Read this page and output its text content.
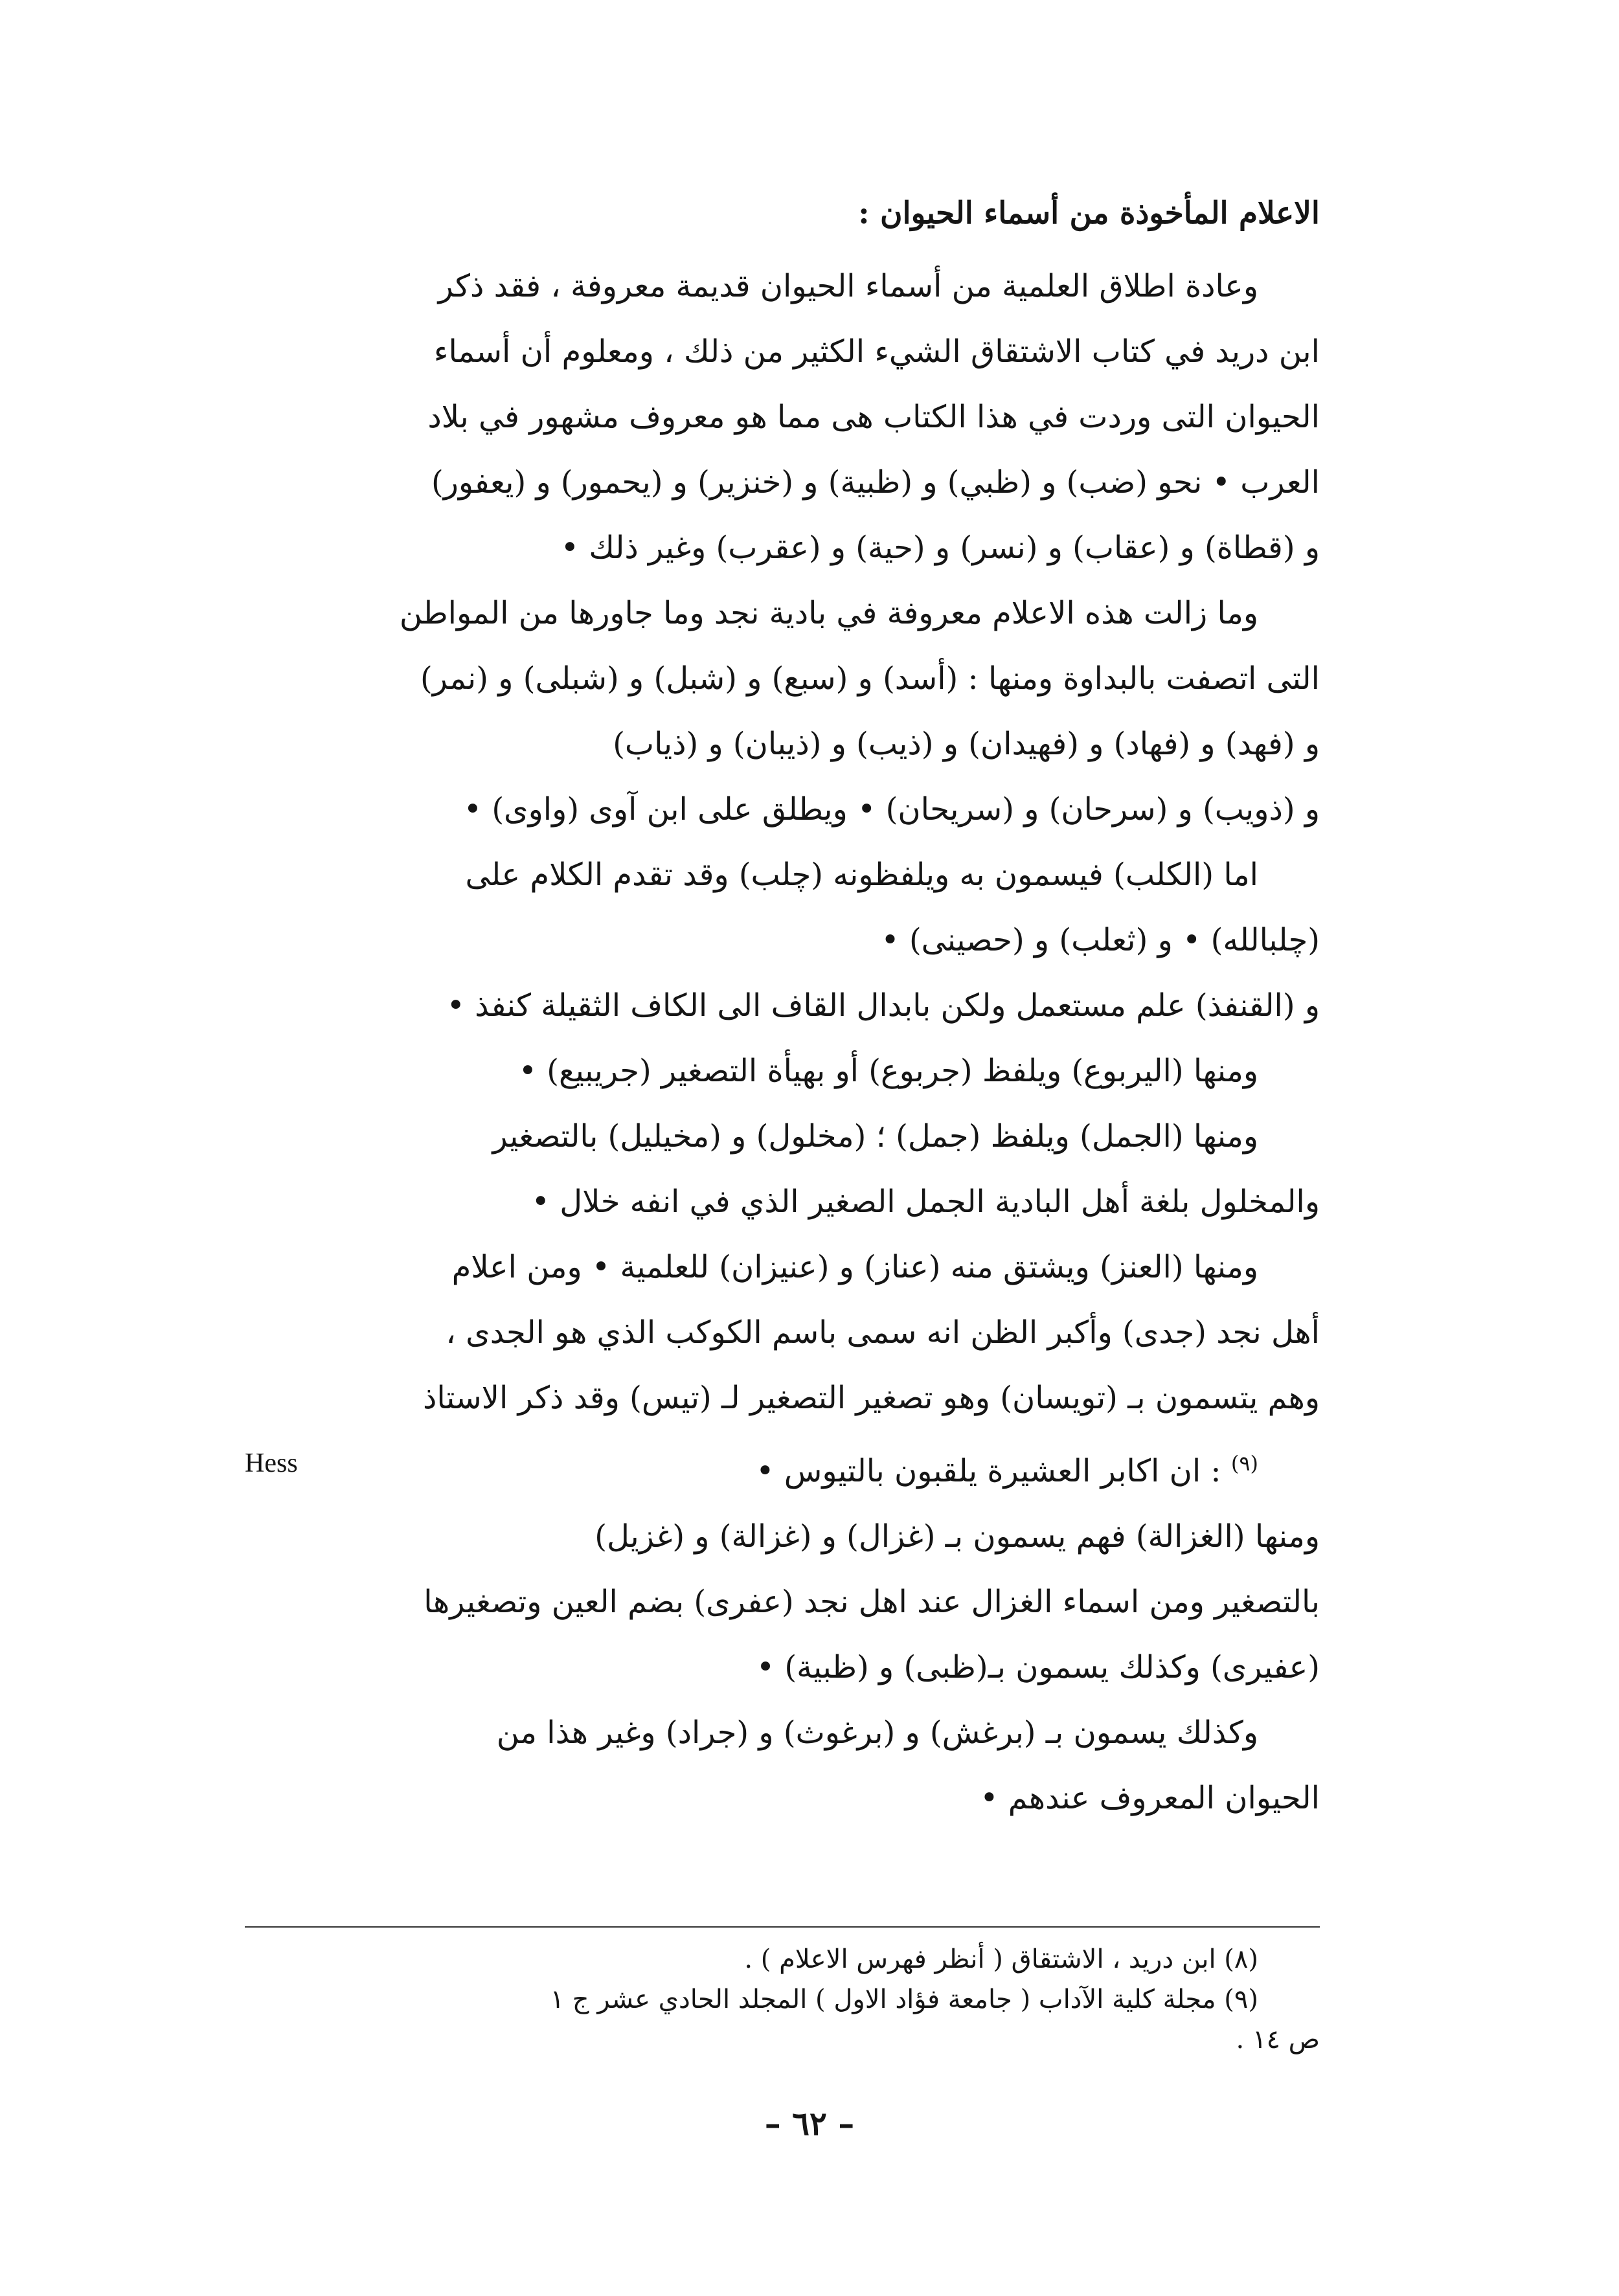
الاعلام المأخوذة من أسماء الحيوان :

وعادة اطلاق العلمية من أسماء الحيوان قديمة معروفة ، فقد ذكر

ابن دريد في كتاب الاشتقاق الشيء الكثير من ذلك ، ومعلوم أن أسماء

الحيوان التى وردت في هذا الكتاب هى مما هو معروف مشهور في بلاد

العرب • نحو (ضب) و (ظبي) و (ظبية) و (خنزير) و (يحمور) و (يعفور)

و (قطاة) و (عقاب) و (نسر) و (حية) و (عقرب) وغير ذلك •

وما زالت هذه الاعلام معروفة في بادية نجد وما جاورها من المواطن

التى اتصفت بالبداوة ومنها : (أسد) و (سبع) و (شبل) و (شبلى) و (نمر)

و (فهد) و (فهاد) و (فهيدان) و (ذيب) و (ذيبان) و (ذياب)

و (ذويب) و (سرحان) و (سريحان) • ويطلق على ابن آوى (واوى) •

اما (الكلب) فيسمون به ويلفظونه (چلب) وقد تقدم الكلام على

(چلبالله) • و (ثعلب) و (حصينى) •

و (القنفذ) علم مستعمل ولكن بابدال القاف الى الكاف الثقيلة كنفذ •

ومنها (اليربوع) ويلفظ (جربوع) أو بهيأة التصغير (جريبيع) •

ومنها (الجمل) ويلفظ (جمل) ؛ (مخلول) و (مخيليل) بالتصغير

والمخلول بلغة أهل البادية الجمل الصغير الذي في انفه خلال •

ومنها (العنز) ويشتق منه (عناز) و (عنيزان) للعلمية • ومن اعلام

أهل نجد (جدى) وأكبر الظن انه سمى باسم الكوكب الذي هو الجدى ،

وهم يتسمون بـ (تويسان) وهو تصغير التصغير لـ (تيس) وقد ذكر الاستاذ

$^{(٩)}$ : ان اكابر العشيرة يلقبون بالتيوس •
Hess

ومنها (الغزالة) فهم يسمون بـ (غزال) و (غزالة) و (غزيل)

بالتصغير ومن اسماء الغزال عند اهل نجد (عفرى) بضم العين وتصغيرها

(عفيرى) وكذلك يسمون بـ(ظبى) و (ظبية) •

وكذلك يسمون بـ (برغش) و (برغوث) و (جراد) وغير هذا من

الحيوان المعروف عندهم •

(٨) ابن دريد ، الاشتقاق ( أنظر فهرس الاعلام ) .

(٩) مجلة كلية الآداب ( جامعة فؤاد الاول ) المجلد الحادي عشر ج ١

ص ١٤ .

– ٦٢ –
